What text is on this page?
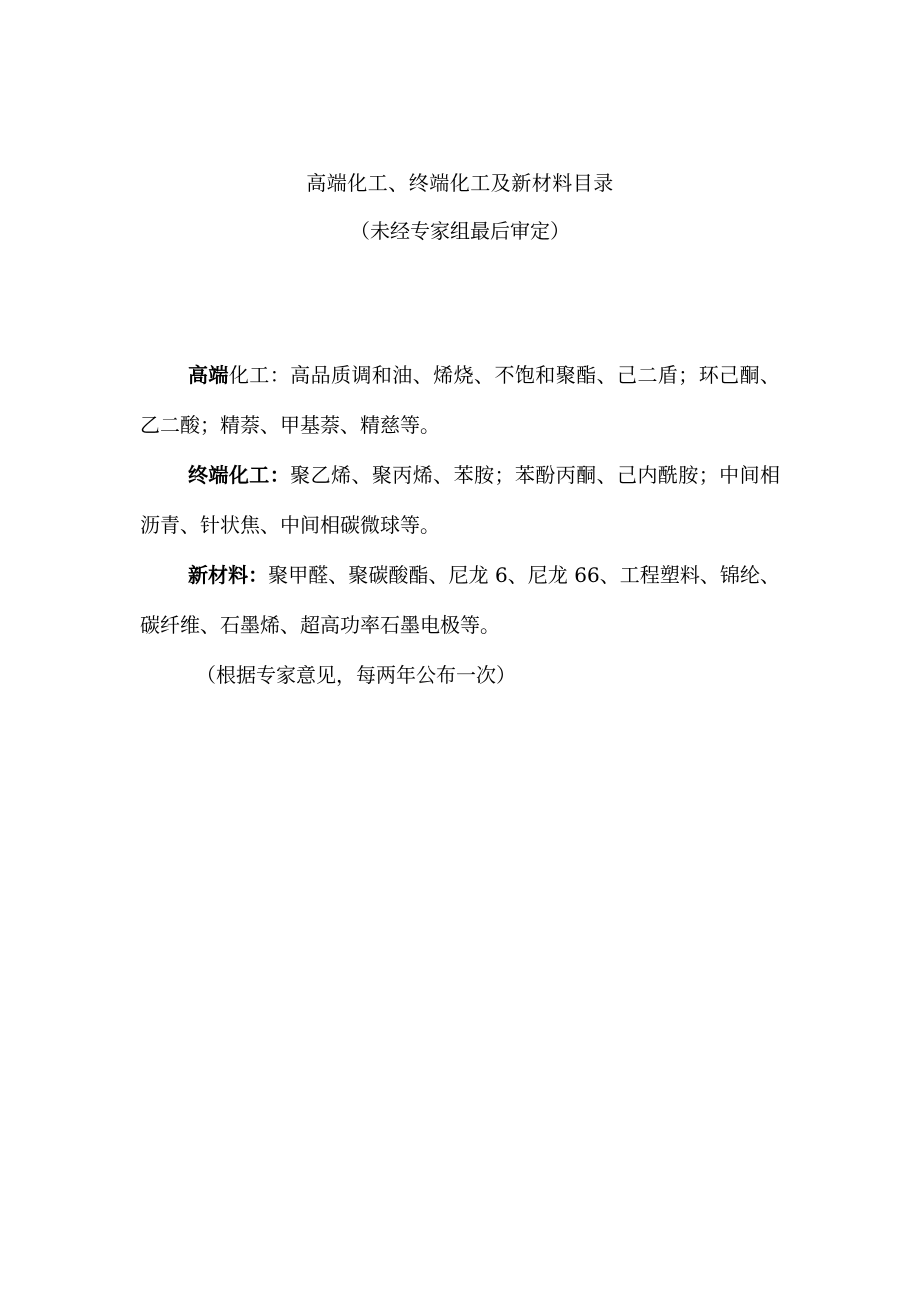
高端化工、终端化工及新材料目录
（未经专家组最后审定）
高端化工：高品质调和油、烯烧、不饱和聚酯、己二盾；环己酮、乙二酸；精萘、甲基萘、精慈等。
终端化工：聚乙烯、聚丙烯、苯胺；苯酚丙酮、己内酰胺；中间相沥青、针状焦、中间相碳微球等。
新材料：聚甲醛、聚碳酸酯、尼龙 6、尼龙 66、工程塑料、锦纶、碳纤维、石墨烯、超高功率石墨电极等。
（根据专家意见，每两年公布一次）
